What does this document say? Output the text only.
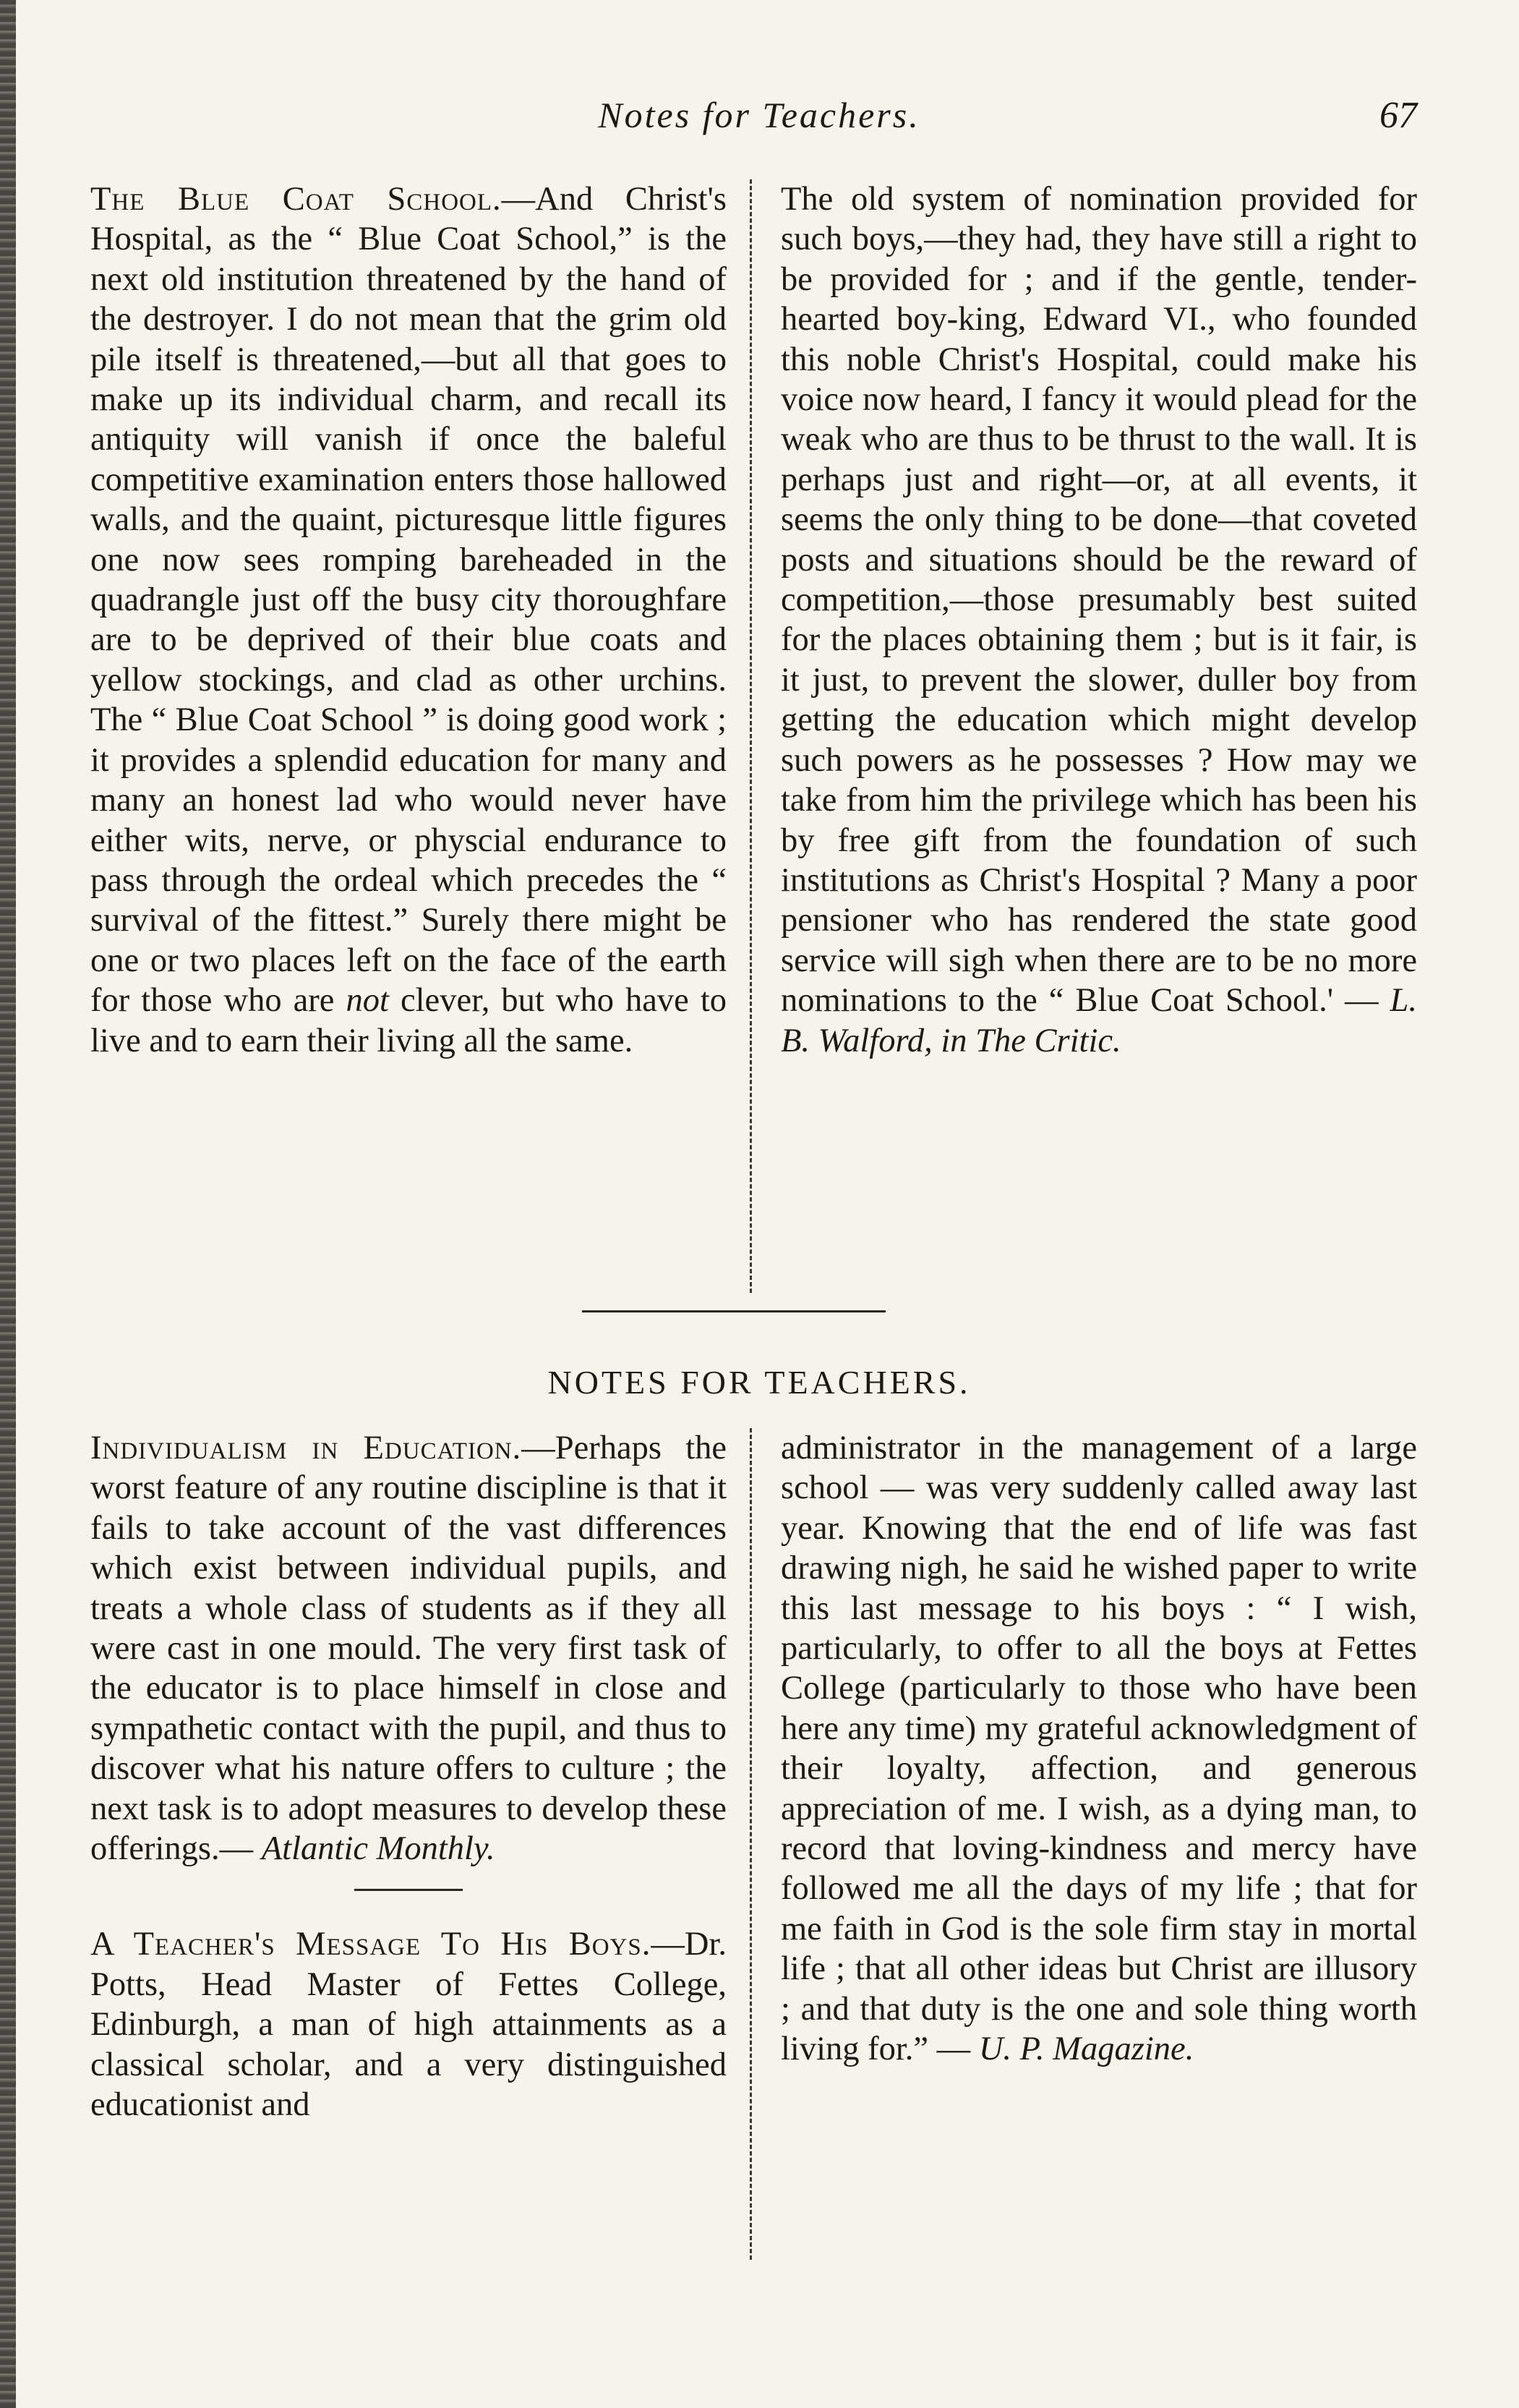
Notes for Teachers.	67

The Blue Coat School.—And Christ's Hospital, as the “ Blue Coat School,” is the next old institution threatened by the hand of the destroyer. I do not mean that the grim old pile itself is threatened,—but all that goes to make up its individual charm, and recall its antiquity will vanish if once the baleful competitive examination enters those hallowed walls, and the quaint, picturesque little figures one now sees romping bareheaded in the quadrangle just off the busy city thoroughfare are to be deprived of their blue coats and yellow stockings, and clad as other urchins. The “ Blue Coat School ” is doing good work ; it provides a splendid education for many and many an honest lad who would never have either wits, nerve, or physcial endurance to pass through the ordeal which precedes the “ survival of the fittest.” Surely there might be one or two places left on the face of the earth for those who are not clever, but who have to live and to earn their living all the same.

The old system of nomination provided for such boys,—they had, they have still a right to be provided for ; and if the gentle, tender-hearted boy-king, Edward VI., who founded this noble Christ's Hospital, could make his voice now heard, I fancy it would plead for the weak who are thus to be thrust to the wall. It is perhaps just and right—or, at all events, it seems the only thing to be done—that coveted posts and situations should be the reward of competition,—those presumably best suited for the places obtaining them ; but is it fair, is it just, to prevent the slower, duller boy from getting the education which might develop such powers as he possesses ? How may we take from him the privilege which has been his by free gift from the foundation of such institutions as Christ's Hospital ? Many a poor pensioner who has rendered the state good service will sigh when there are to be no more nominations to the “ Blue Coat School.' — L. B. Walford, in The Critic.

NOTES FOR TEACHERS.

Individualism in Education.—Perhaps the worst feature of any routine discipline is that it fails to take account of the vast differences which exist between individual pupils, and treats a whole class of students as if they all were cast in one mould. The very first task of the educator is to place himself in close and sympathetic contact with the pupil, and thus to discover what his nature offers to culture ; the next task is to adopt measures to develop these offerings.— Atlantic Monthly.

A Teacher's Message To His Boys.—Dr. Potts, Head Master of Fettes College, Edinburgh, a man of high attainments as a classical scholar, and a very distinguished educationist and

administrator in the management of a large school — was very suddenly called away last year. Knowing that the end of life was fast drawing nigh, he said he wished paper to write this last message to his boys : “ I wish, particularly, to offer to all the boys at Fettes College (particularly to those who have been here any time) my grateful acknowledgment of their loyalty, affection, and generous appreciation of me. I wish, as a dying man, to record that loving-kindness and mercy have followed me all the days of my life ; that for me faith in God is the sole firm stay in mortal life ; that all other ideas but Christ are illusory ; and that duty is the one and sole thing worth living for.” — U. P. Magazine.
